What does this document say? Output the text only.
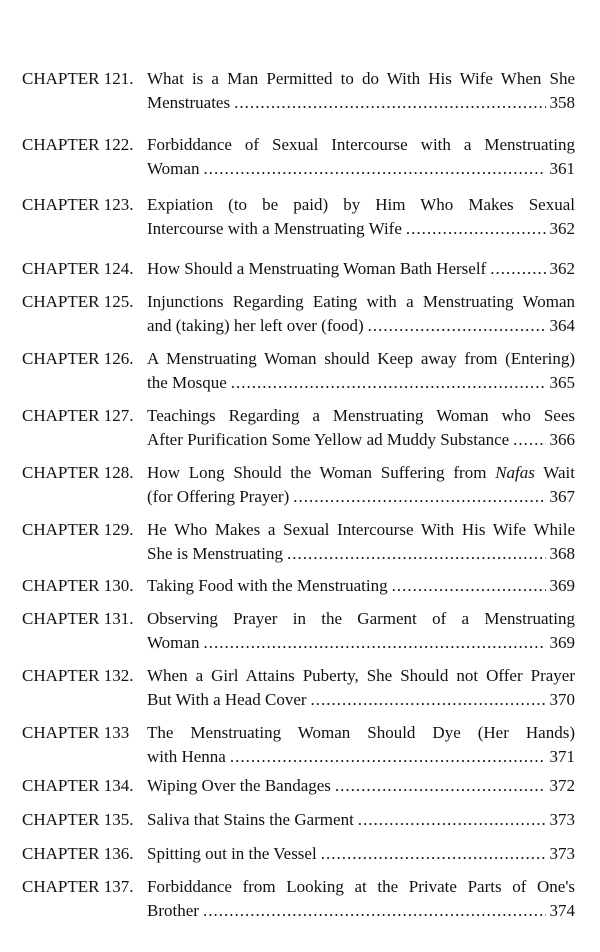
CHAPTER 121. What is a Man Permitted to do With His Wife When She
Menstruates .....	358
CHAPTER 122. Forbiddance of Sexual Intercourse with a Menstruating
Woman .....	361
CHAPTER 123. Expiation (to be paid) by Him Who Makes Sexual
Intercourse with a Menstruating Wife .....	362
CHAPTER 124. How Should a Menstruating Woman Bath Herself .....	362
CHAPTER 125. Injunctions Regarding Eating with a Menstruating Woman
and (taking) her left over (food) .....	364
CHAPTER 126. A Menstruating Woman should Keep away from (Entering)
the Mosque .....	365
CHAPTER 127. Teachings Regarding a Menstruating Woman who Sees
After Purification Some Yellow ad Muddy Substance ..... 366
CHAPTER 128. How Long Should the Woman Suffering from Nafas Wait
(for Offering Prayer) .....	367
CHAPTER 129. He Who Makes a Sexual Intercourse With His Wife While
She is Menstruating .....	368
CHAPTER 130. Taking Food with the Menstruating .....	369
CHAPTER 131. Observing Prayer in the Garment of a Menstruating
Woman .....	369
CHAPTER 132. When a Girl Attains Puberty, She Should not Offer Prayer
But With a Head Cover .....	370
CHAPTER 133 The Menstruating Woman Should Dye (Her Hands)
with Henna .....	371
CHAPTER 134. Wiping Over the Bandages .....	372
CHAPTER 135. Saliva that Stains the Garment .....	373
CHAPTER 136. Spitting out in the Vessel .....	373
CHAPTER 137. Forbiddance from Looking at the Private Parts of One's
Brother .....	374
